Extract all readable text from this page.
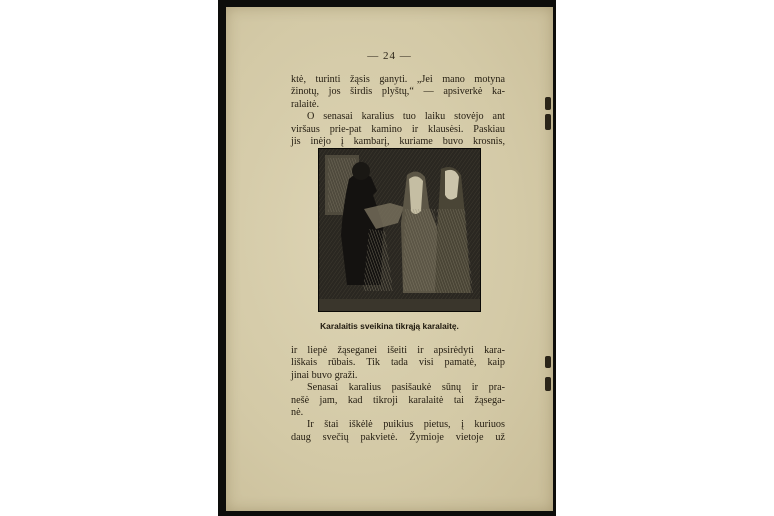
— 24 —
ktė, turinti žąsis ganyti. „Jei mano motyna
žinotų, jos širdis plyštų,“ — apsiverkė ka-
ralaitė.
O senasai karalius tuo laiku stovėjo ant
viršaus prie-pat kamino ir klausėsi. Paskiau
jis inėjo į kambarį, kuriame buvo krosnis,
Karalaitis sveikina tikrąją karalaitę.
ir liepė žąseganei išeiti ir apsirėdyti kara-
liškais rūbais. Tik tada visi pamatė, kaip
jinai buvo graži.
Senasai karalius pasišaukė sūnų ir pra-
nešė jam, kad tikroji karalaitė tai žąsega-
nė.
Ir štai iškėlė puikius pietus, į kuriuos
daug svečių pakvietė. Žymioje vietoje už
